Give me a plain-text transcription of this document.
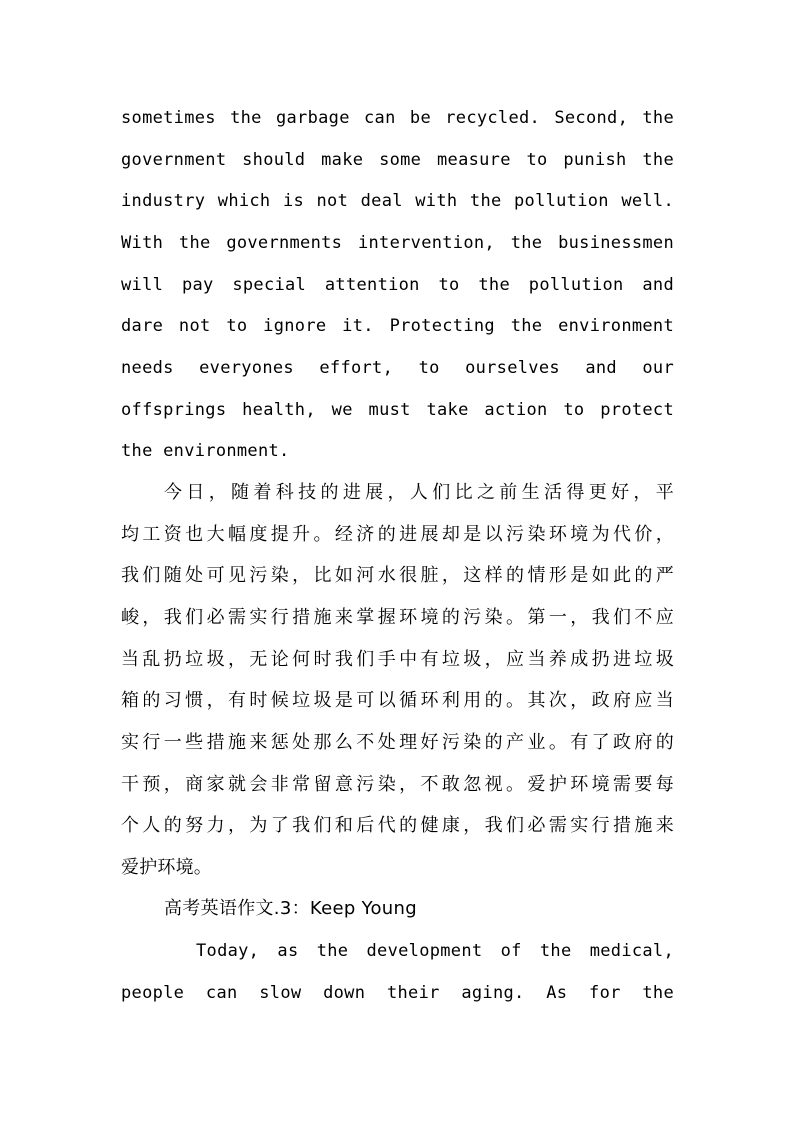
sometimes the garbage can be recycled. Second, the
government should make some measure to punish the
industry which is not deal with the pollution well.
With the governments intervention, the businessmen
will pay special attention to the pollution and
dare not to ignore it. Protecting the environment
needs everyones effort, to ourselves and our
offsprings health, we must take action to protect
the environment.
今日，随着科技的进展，人们比之前生活得更好，平
均工资也大幅度提升。经济的进展却是以污染环境为代价，
我们随处可见污染，比如河水很脏，这样的情形是如此的严
峻，我们必需实行措施来掌握环境的污染。第一，我们不应
当乱扔垃圾，无论何时我们手中有垃圾，应当养成扔进垃圾
箱的习惯，有时候垃圾是可以循环利用的。其次，政府应当
实行一些措施来惩处那么不处理好污染的产业。有了政府的
干预，商家就会非常留意污染，不敢忽视。爱护环境需要每
个人的努力，为了我们和后代的健康，我们必需实行措施来
爱护环境。
高考英语作文.3：Keep Young
Today, as the development of the medical,
people can slow down their aging. As for the
